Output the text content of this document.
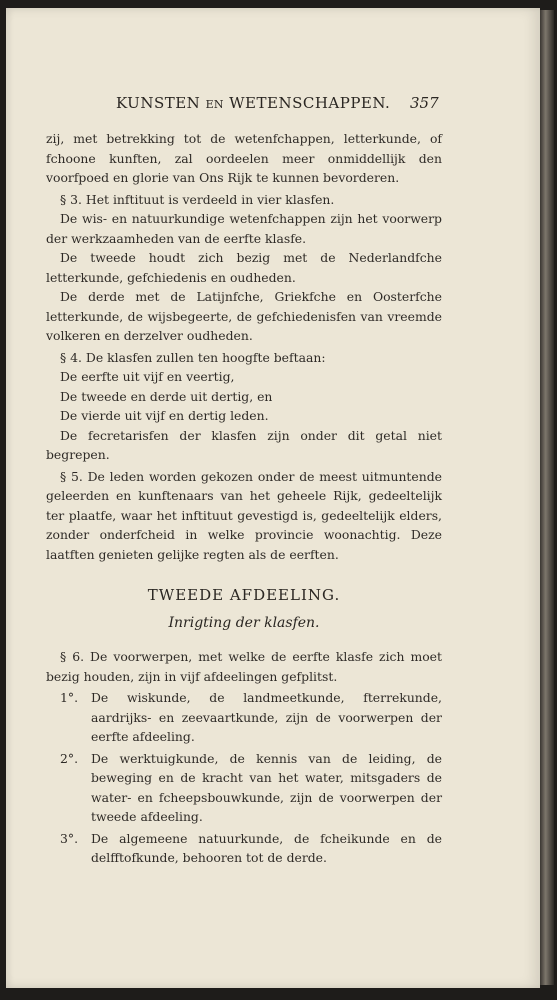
KUNSTEN EN WETENSCHAPPEN.	357

zij, met betrekking tot de wetenfchappen, letterkunde, of fchoone kunften, zal oordeelen meer onmiddellijk den voorfpoed en glorie van Ons Rijk te kunnen bevorderen.

§ 3. Het inftituut is verdeeld in vier klasfen.

De wis- en natuurkundige wetenfchappen zijn het voorwerp der werkzaamheden van de eerfte klasfe.

De tweede houdt zich bezig met de Nederlandfche letterkunde, gefchiedenis en oudheden.

De derde met de Latijnfche, Griekfche en Oosterfche letterkunde, de wijsbegeerte, de gefchiedenisfen van vreemde volkeren en derzelver oudheden.

§ 4. De klasfen zullen ten hoogfte beftaan:

De eerfte uit vijf en veertig,

De tweede en derde uit dertig, en

De vierde uit vijf en dertig leden.

De fecretarisfen der klasfen zijn onder dit getal niet begrepen.

§ 5. De leden worden gekozen onder de meest uitmuntende geleerden en kunftenaars van het geheele Rijk, gedeeltelijk ter plaatfe, waar het inftituut gevestigd is, gedeeltelijk elders, zonder onderfcheid in welke provincie woonachtig. Deze laatften genieten gelijke regten als de eerften.

TWEEDE AFDEELING.
Inrigting der klasfen.

§ 6. De voorwerpen, met welke de eerfte klasfe zich moet bezig houden, zijn in vijf afdeelingen gefplitst.

1°. De wiskunde, de landmeetkunde, fterrekunde, aardrijks- en zeevaartkunde, zijn de voorwerpen der eerfte afdeeling.

2°. De werktuigkunde, de kennis van de leiding, de beweging en de kracht van het water, mitsgaders de water- en fcheepsbouwkunde, zijn de voorwerpen der tweede afdeeling.

3°. De algemeene natuurkunde, de fcheikunde en de delfftofkunde, behooren tot de derde.
